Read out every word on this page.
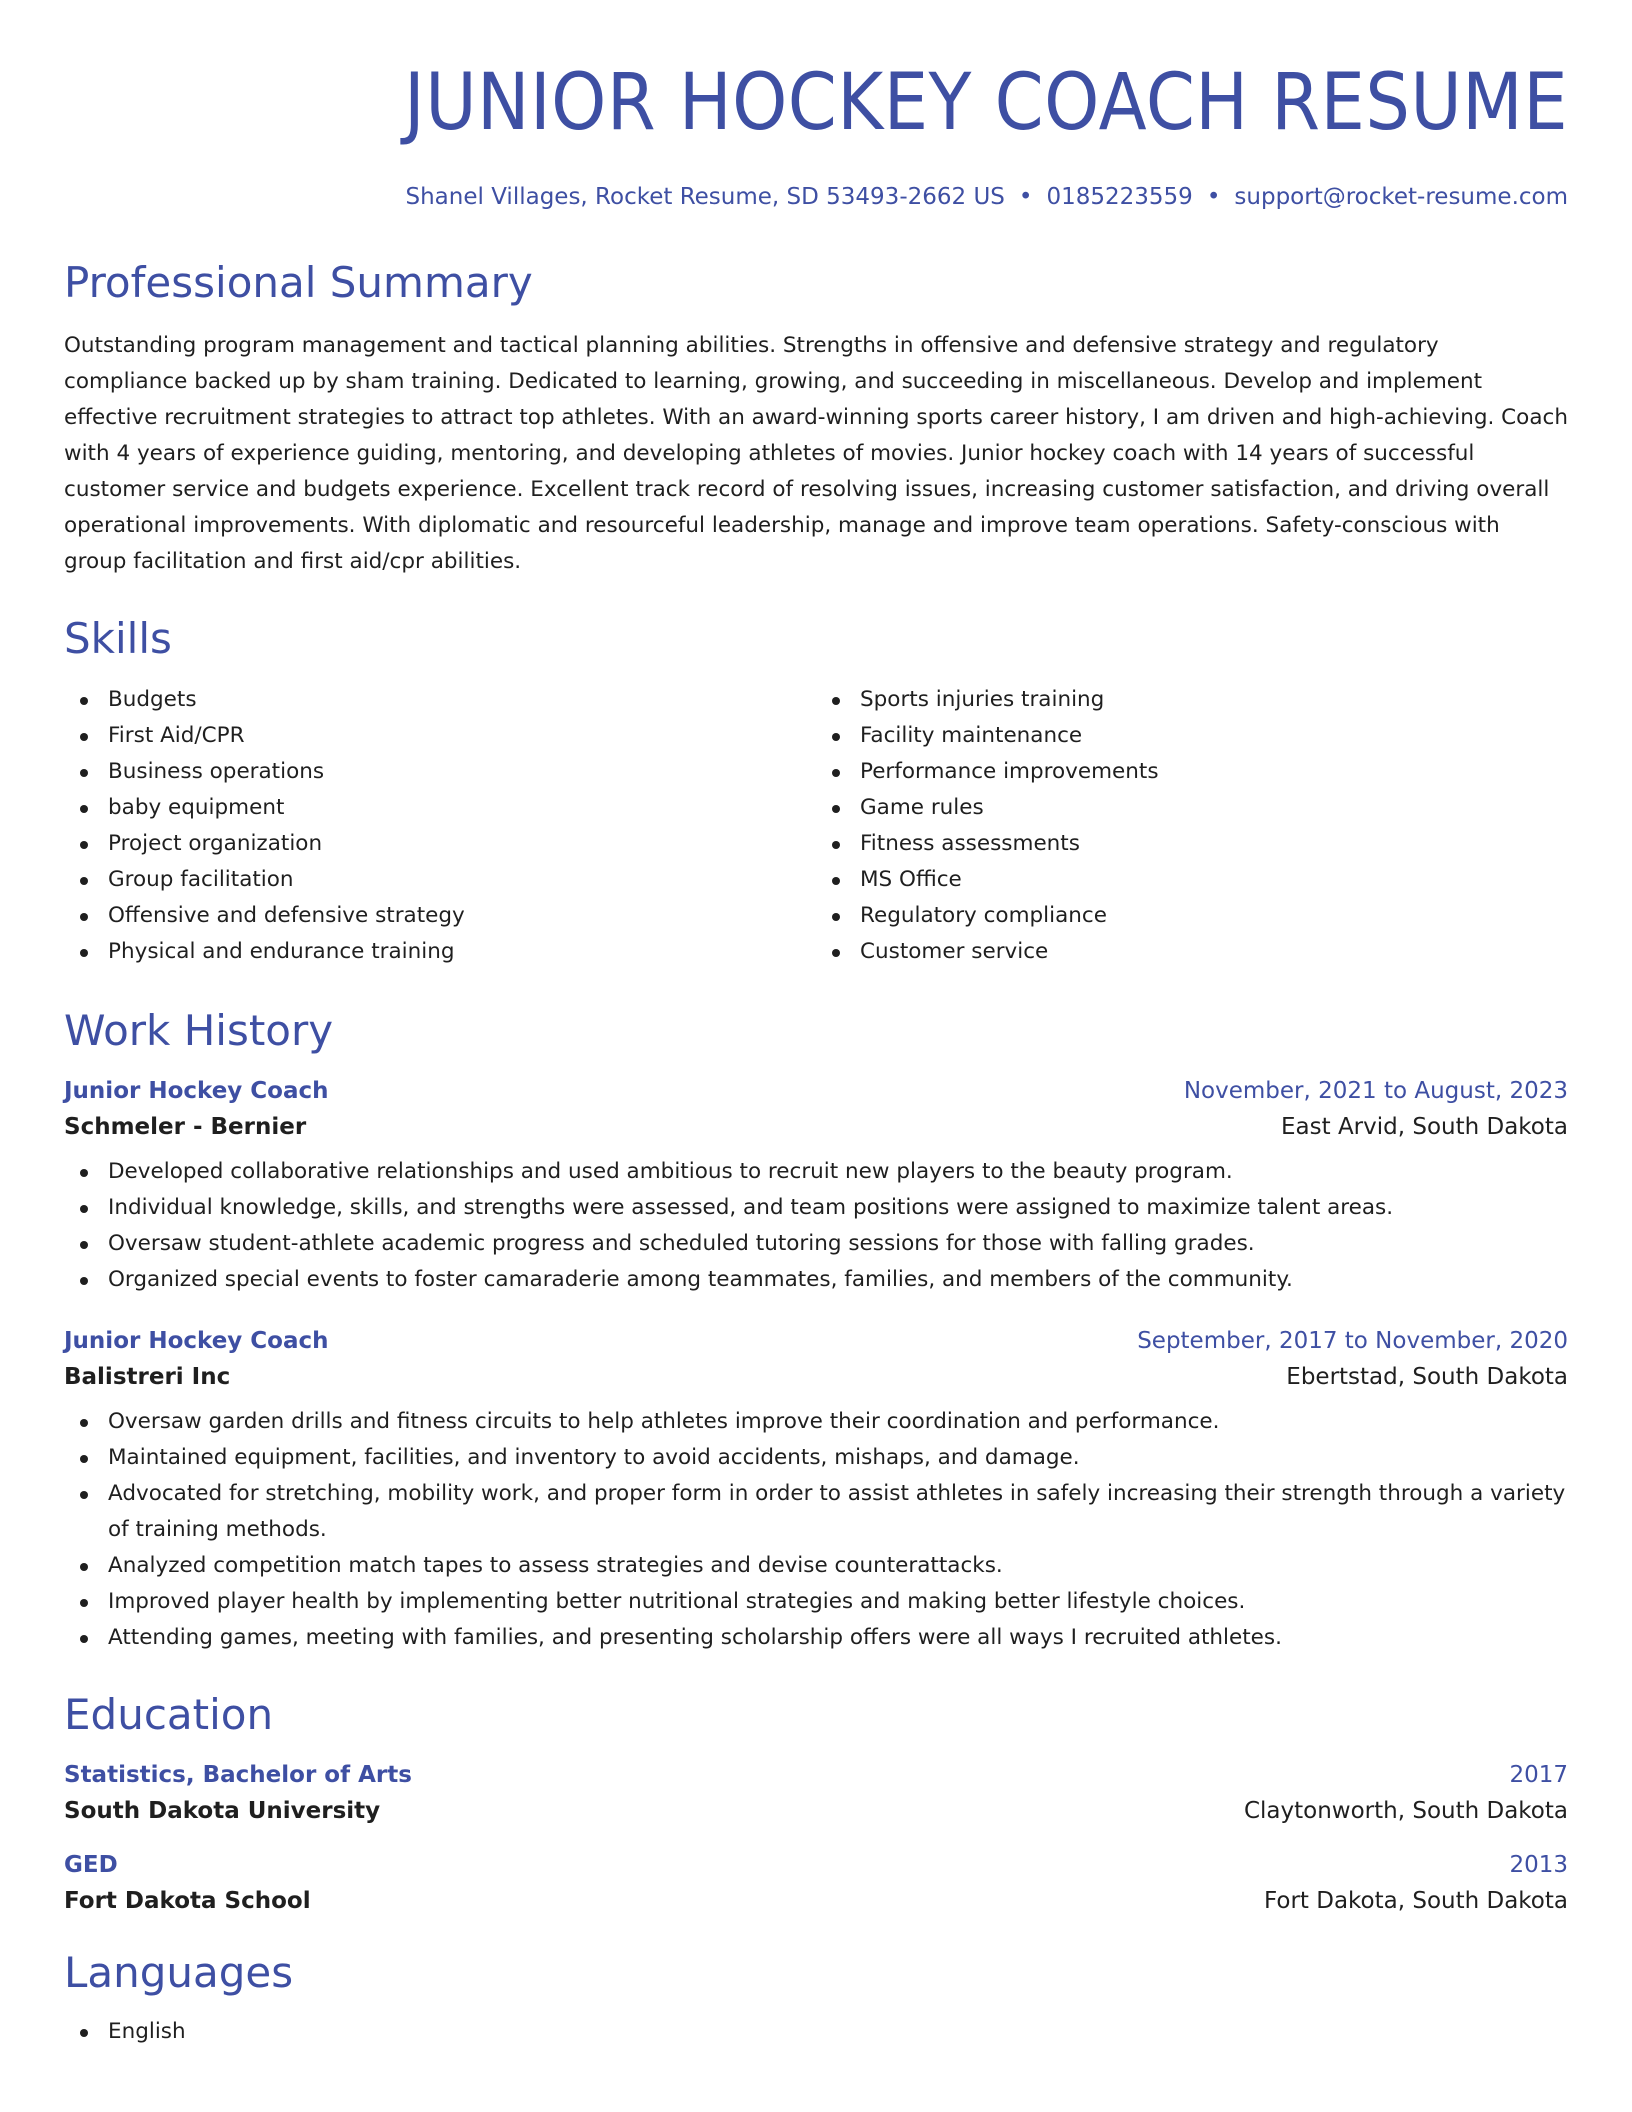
JUNIOR HOCKEY COACH RESUME
Shanel Villages, Rocket Resume, SD 53493-2662 US • 0185223559 • support@rocket-resume.com
Professional Summary

Outstanding program management and tactical planning abilities. Strengths in offensive and defensive strategy and regulatory compliance backed up by sham training. Dedicated to learning, growing, and succeeding in miscellaneous. Develop and implement effective recruitment strategies to attract top athletes. With an award-winning sports career history, I am driven and high-achieving. Coach with 4 years of experience guiding, mentoring, and developing athletes of movies. Junior hockey coach with 14 years of successful customer service and budgets experience. Excellent track record of resolving issues, increasing customer satisfaction, and driving overall operational improvements. With diplomatic and resourceful leadership, manage and improve team operations. Safety-conscious with group facilitation and first aid/cpr abilities.

Skills
Budgets
First Aid/CPR
Business operations
baby equipment
Project organization
Group facilitation
Offensive and defensive strategy
Physical and endurance training
Sports injuries training
Facility maintenance
Performance improvements
Game rules
Fitness assessments
MS Office
Regulatory compliance
Customer service
Work History
Junior Hockey Coach	November, 2021 to August, 2023
Schmeler - Bernier	East Arvid, South Dakota
Developed collaborative relationships and used ambitious to recruit new players to the beauty program.
Individual knowledge, skills, and strengths were assessed, and team positions were assigned to maximize talent areas.
Oversaw student-athlete academic progress and scheduled tutoring sessions for those with falling grades.
Organized special events to foster camaraderie among teammates, families, and members of the community.
Junior Hockey Coach	September, 2017 to November, 2020
Balistreri Inc	Ebertstad, South Dakota
Oversaw garden drills and fitness circuits to help athletes improve their coordination and performance.
Maintained equipment, facilities, and inventory to avoid accidents, mishaps, and damage.
Advocated for stretching, mobility work, and proper form in order to assist athletes in safely increasing their strength through a variety of training methods.
Analyzed competition match tapes to assess strategies and devise counterattacks.
Improved player health by implementing better nutritional strategies and making better lifestyle choices.
Attending games, meeting with families, and presenting scholarship offers were all ways I recruited athletes.
Education
Statistics, Bachelor of Arts	2017
South Dakota University	Claytonworth, South Dakota
GED	2013
Fort Dakota School	Fort Dakota, South Dakota
Languages
English
